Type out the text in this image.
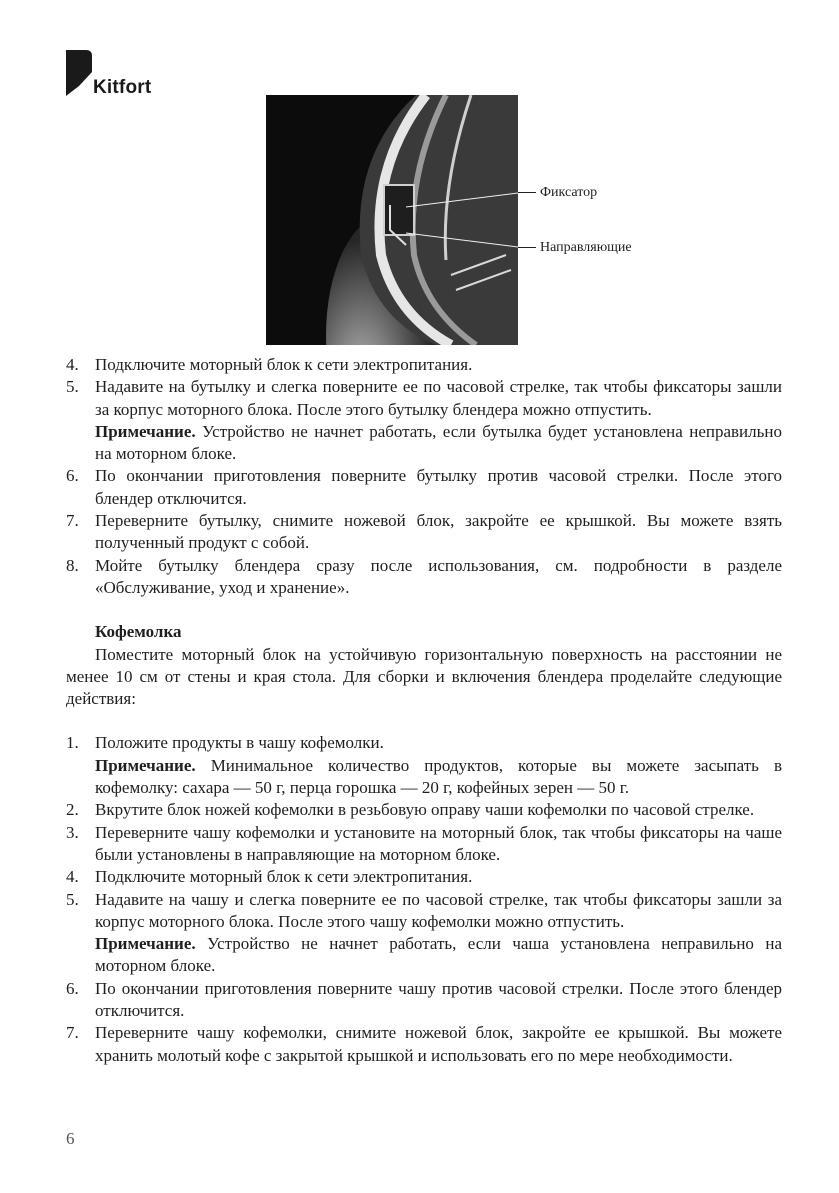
Kitfort
Фиксатор
Направляющие
4. Подключите моторный блок к сети электропитания.
5. Надавите на бутылку и слегка поверните ее по часовой стрелке, так чтобы фиксаторы зашли за корпус моторного блока. После этого бутылку блендера можно отпустить.
Примечание. Устройство не начнет работать, если бутылка будет установлена неправильно на моторном блоке.
6. По окончании приготовления поверните бутылку против часовой стрелки. После этого блендер отключится.
7. Переверните бутылку, снимите ножевой блок, закройте ее крышкой. Вы можете взять полученный продукт с собой.
8. Мойте бутылку блендера сразу после использования, см. подробности в разделе «Обслуживание, уход и хранение».
Кофемолка
Поместите моторный блок на устойчивую горизонтальную поверхность на расстоянии не менее 10 см от стены и края стола. Для сборки и включения блендера проделайте следующие действия:
1. Положите продукты в чашу кофемолки.
Примечание. Минимальное количество продуктов, которые вы можете засыпать в кофемолку: сахара — 50 г, перца горошка — 20 г, кофейных зерен — 50 г.
2. Вкрутите блок ножей кофемолки в резьбовую оправу чаши кофемолки по часовой стрелке.
3. Переверните чашу кофемолки и установите на моторный блок, так чтобы фиксаторы на чаше были установлены в направляющие на моторном блоке.
4. Подключите моторный блок к сети электропитания.
5. Надавите на чашу и слегка поверните ее по часовой стрелке, так чтобы фиксаторы зашли за корпус моторного блока. После этого чашу кофемолки можно отпустить.
Примечание. Устройство не начнет работать, если чаша установлена неправильно на моторном блоке.
6. По окончании приготовления поверните чашу против часовой стрелки. После этого блендер отключится.
7. Переверните чашу кофемолки, снимите ножевой блок, закройте ее крышкой. Вы можете хранить молотый кофе с закрытой крышкой и использовать его по мере необходимости.
6
